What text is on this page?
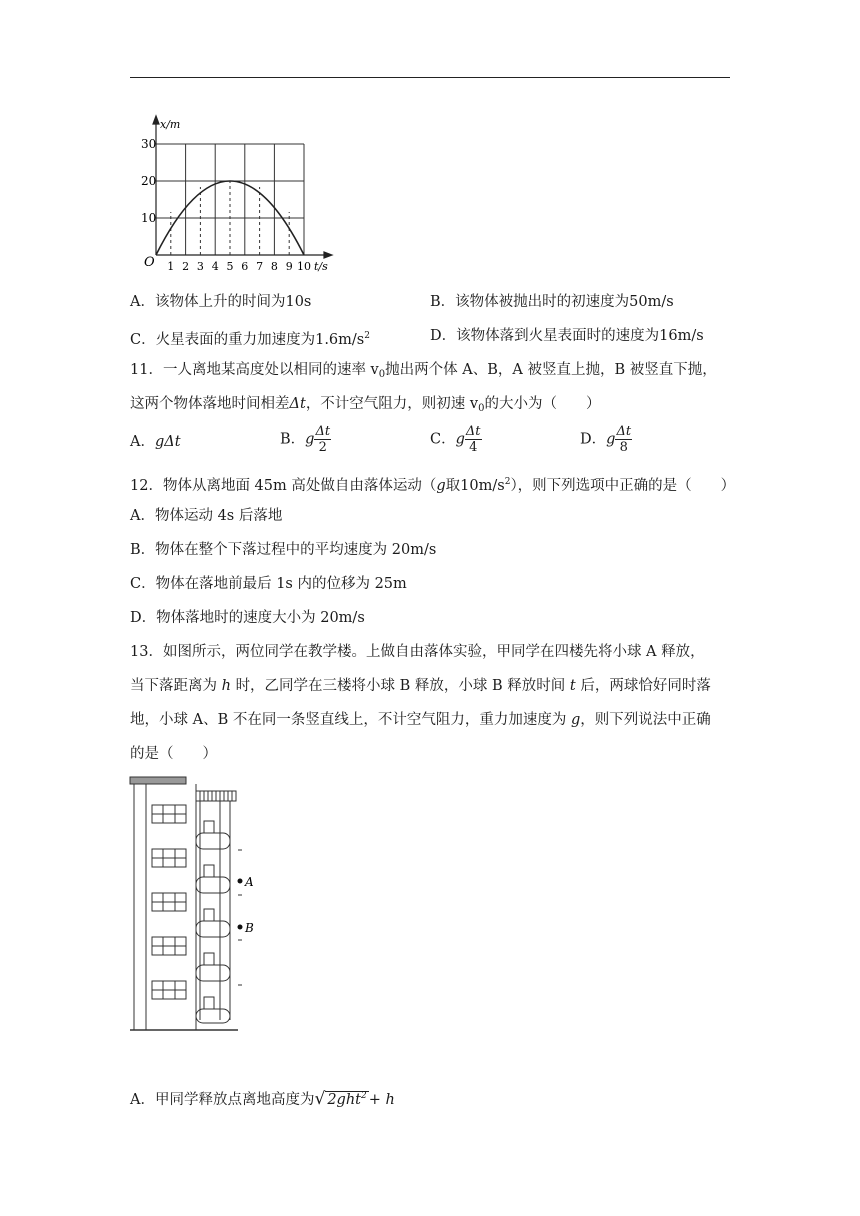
x/m
30
20
10
O 1 2 3 4 5 6 7 8 9 10 t/s
A．该物体上升的时间为10s	B．该物体被抛出时的初速度为50m/s
C．火星表面的重力加速度为$1.6m/s^2$	D．该物体落到火星表面时的速度为16m/s
11．一人离地某高度处以相同的速率 $v_0$抛出两个体 A、B，A 被竖直上抛，B 被竖直下抛，
这两个物体落地时间相差Δt，不计空气阻力，则初速 $v_0$的大小为（　　）
A．gΔt	B．g $\frac{\Delta t}{2}$	C．g $\frac{\Delta t}{4}$	D．g $\frac{\Delta t}{8}$
12．物体从离地面 45m 高处做自由落体运动（g取$10m/s^2$），则下列选项中正确的是（　　）
A．物体运动 4s 后落地
B．物体在整个下落过程中的平均速度为 20m/s
C．物体在落地前最后 1s 内的位移为 25m
D．物体落地时的速度大小为 20m/s
13．如图所示，两位同学在教学楼。上做自由落体实验，甲同学在四楼先将小球 A 释放，
当下落距离为 h 时，乙同学在三楼将小球 B 释放，小球 B 释放时间 t 后，两球恰好同时落
地，小球 A、B 不在同一条竖直线上，不计空气阻力，重力加速度为 g，则下列说法中正确
的是（　　）
A
B
A．甲同学释放点离地高度为√ 2ght$^2$ + h
